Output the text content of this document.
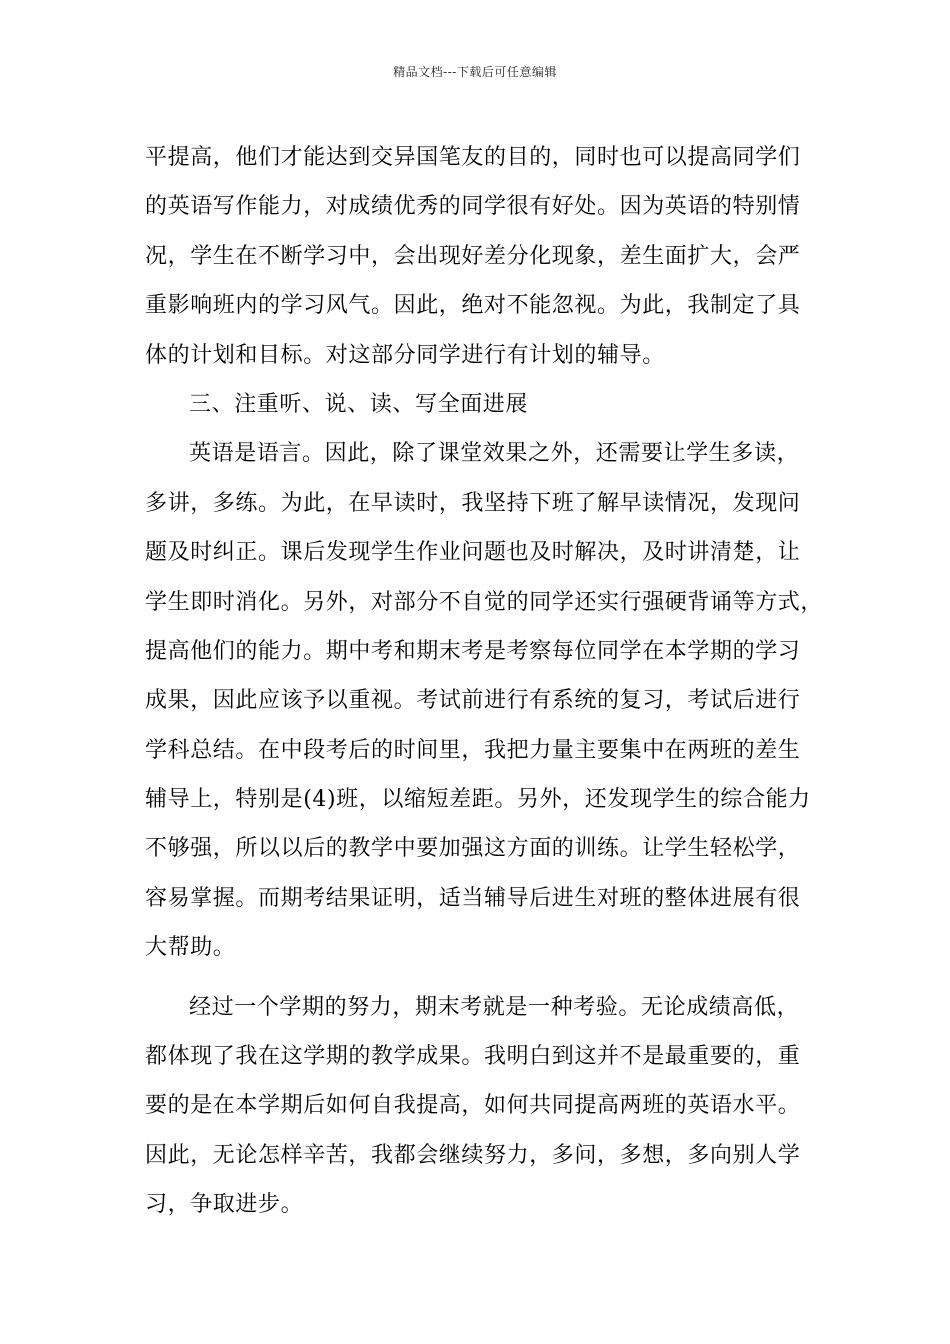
精品文档---下载后可任意编辑
平提高，他们才能达到交异国笔友的目的，同时也可以提高同学们
的英语写作能力，对成绩优秀的同学很有好处。因为英语的特别情
况，学生在不断学习中，会出现好差分化现象，差生面扩大，会严
重影响班内的学习风气。因此，绝对不能忽视。为此，我制定了具
体的计划和目标。对这部分同学进行有计划的辅导。
三、注重听、说、读、写全面进展
英语是语言。因此，除了课堂效果之外，还需要让学生多读，
多讲，多练。为此，在早读时，我坚持下班了解早读情况，发现问
题及时纠正。课后发现学生作业问题也及时解决，及时讲清楚，让
学生即时消化。另外，对部分不自觉的同学还实行强硬背诵等方式，
提高他们的能力。期中考和期末考是考察每位同学在本学期的学习
成果，因此应该予以重视。考试前进行有系统的复习，考试后进行
学科总结。在中段考后的时间里，我把力量主要集中在两班的差生
辅导上，特别是(4)班，以缩短差距。另外，还发现学生的综合能力
不够强，所以以后的教学中要加强这方面的训练。让学生轻松学，
容易掌握。而期考结果证明，适当辅导后进生对班的整体进展有很
大帮助。
经过一个学期的努力，期末考就是一种考验。无论成绩高低，
都体现了我在这学期的教学成果。我明白到这并不是最重要的，重
要的是在本学期后如何自我提高，如何共同提高两班的英语水平。
因此，无论怎样辛苦，我都会继续努力，多问，多想，多向别人学
习，争取进步。
